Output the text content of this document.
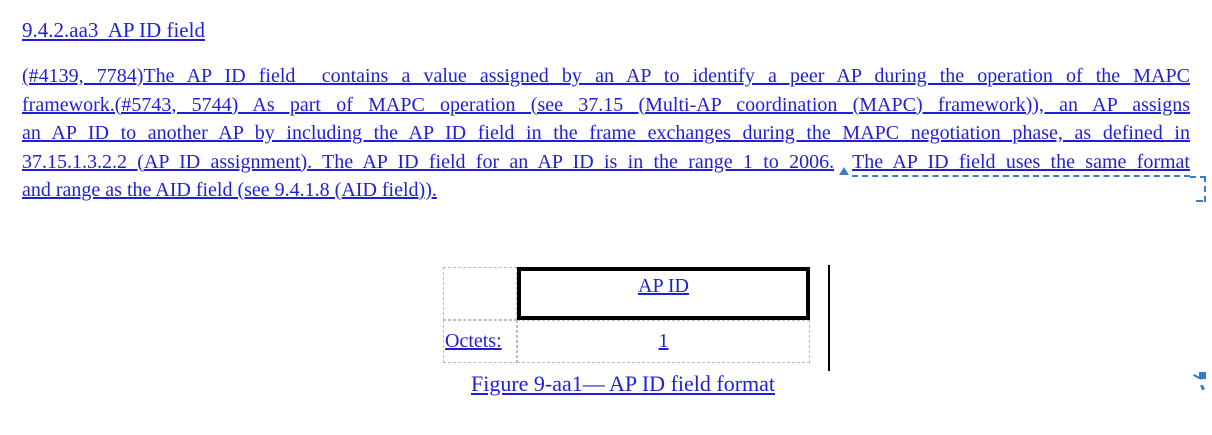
9.4.2.aa3  AP ID field
(#4139, 7784)The AP ID field  contains a value assigned by an AP to identify a peer AP during the operation of the MAPC
framework.(#5743, 5744) As part of MAPC operation (see 37.15 (Multi-AP coordination (MAPC) framework)), an AP assigns
an AP ID to another AP by including the AP ID field in the frame exchanges during the MAPC negotiation phase, as defined in
37.15.1.3.2.2 (AP ID assignment). The AP ID field for an AP ID is in the range 1 to 2006. The AP ID field uses the same format
and range as the AID field (see 9.4.1.8 (AID field)).
AP ID
Octets:	1
Figure 9-aa1— AP ID field format
